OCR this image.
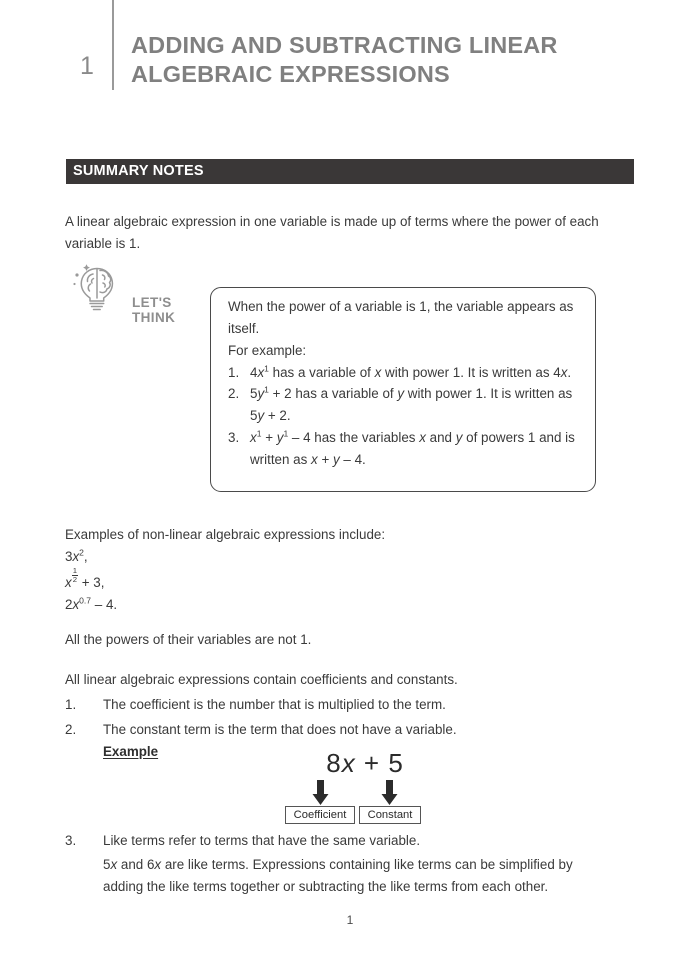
1
ADDING AND SUBTRACTING LINEAR
ALGEBRAIC EXPRESSIONS
SUMMARY NOTES
A linear algebraic expression in one variable is made up of terms where the power of each variable is 1.
LET'S THINK
When the power of a variable is 1, the variable appears as itself.
For example:
1. $4x^1$ has a variable of x with power 1. It is written as 4x.
2. $5y^1 + 2$ has a variable of y with power 1. It is written as 5y + 2.
3. $x^1 + y^1 - 4$ has the variables x and y of powers 1 and is written as x + y – 4.
Examples of non-linear algebraic expressions include:
$3x^2$,
x $\frac{1}{2} + 3$,
$2x^{0.7} - 4$.
All the powers of their variables are not 1.
All linear algebraic expressions contain coefficients and constants.
1.	The coefficient is the number that is multiplied to the term.
2.	The constant term is the term that does not have a variable.
Example	8x + 5
Coefficient	Constant
3.	Like terms refer to terms that have the same variable.
5x and 6x are like terms. Expressions containing like terms can be simplified by adding the like terms together or subtracting the like terms from each other.
1
